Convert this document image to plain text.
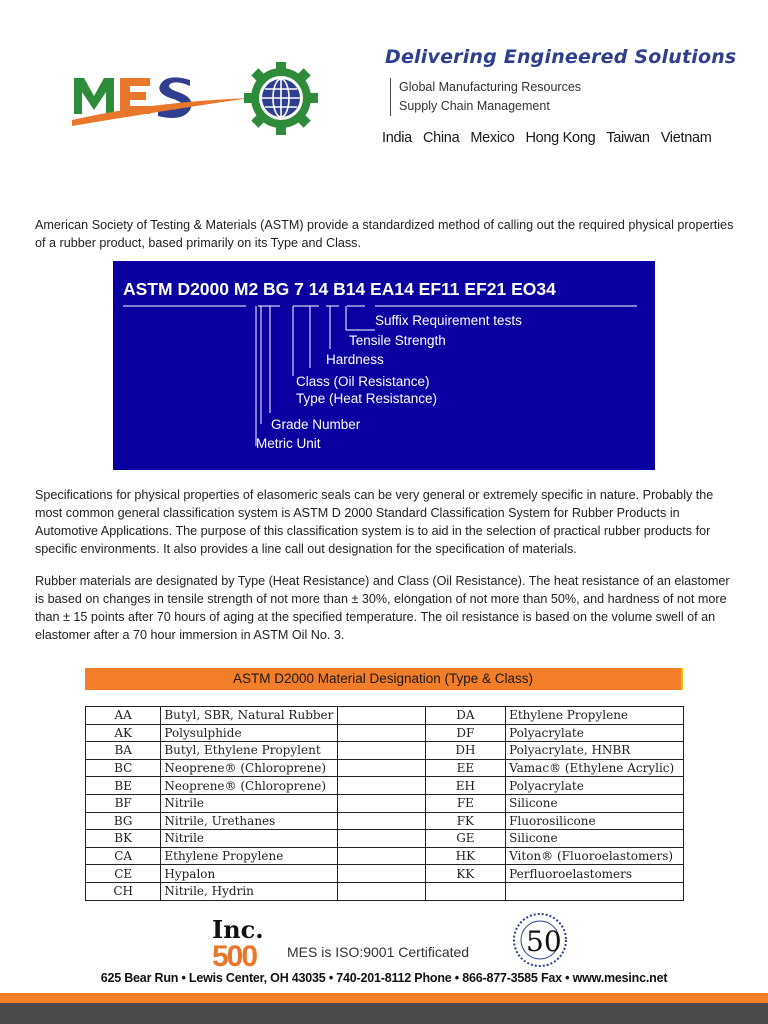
Delivering Engineered Solutions
Global Manufacturing Resources
Supply Chain Management
India China Mexico Hong Kong Taiwan Vietnam
American Society of Testing & Materials (ASTM) provide a standardized method of calling out the required physical properties of a rubber product, based primarily on its Type and Class.
ASTM D2000 M2 BG 7 14 B14 EA14 EF11 EF21 EO34
Suffix Requirement tests
Tensile Strength
Hardness
Class (Oil Resistance)
Type (Heat Resistance)
Grade Number
Metric Unit
Specifications for physical properties of elasomeric seals can be very general or extremely specific in nature. Probably the most common general classification system is ASTM D 2000 Standard Classification System for Rubber Products in Automotive Applications. The purpose of this classification system is to aid in the selection of practical rubber products for specific environments. It also provides a line call out designation for the specification of materials.
Rubber materials are designated by Type (Heat Resistance) and Class (Oil Resistance). The heat resistance of an elastomer is based on changes in tensile strength of not more than ± 30%, elongation of not more than 50%, and hardness of not more than ± 15 points after 70 hours of aging at the specified temperature. The oil resistance is based on the volume swell of an elastomer after a 70 hour immersion in ASTM Oil No. 3.
ASTM D2000 Material Designation (Type & Class)
AA	Butyl, SBR, Natural Rubber		DA	Ethylene Propylene
AK	Polysulphide		DF	Polyacrylate
BA	Butyl, Ethylene Propylent		DH	Polyacrylate, HNBR
BC	Neoprene® (Chloroprene)		EE	Vamac® (Ethylene Acrylic)
BE	Neoprene® (Chloroprene)		EH	Polyacrylate
BF	Nitrile		FE	Silicone
BG	Nitrile, Urethanes		FK	Fluorosilicone
BK	Nitrile		GE	Silicone
CA	Ethylene Propylene		HK	Viton® (Fluoroelastomers)
CE	Hypalon		KK	Perfluoroelastomers
CH	Nitrile, Hydrin			
Inc.
500 MES is ISO:9001 Certificated 50
625 Bear Run • Lewis Center, OH 43035 • 740-201-8112 Phone • 866-877-3585 Fax • www.mesinc.net
